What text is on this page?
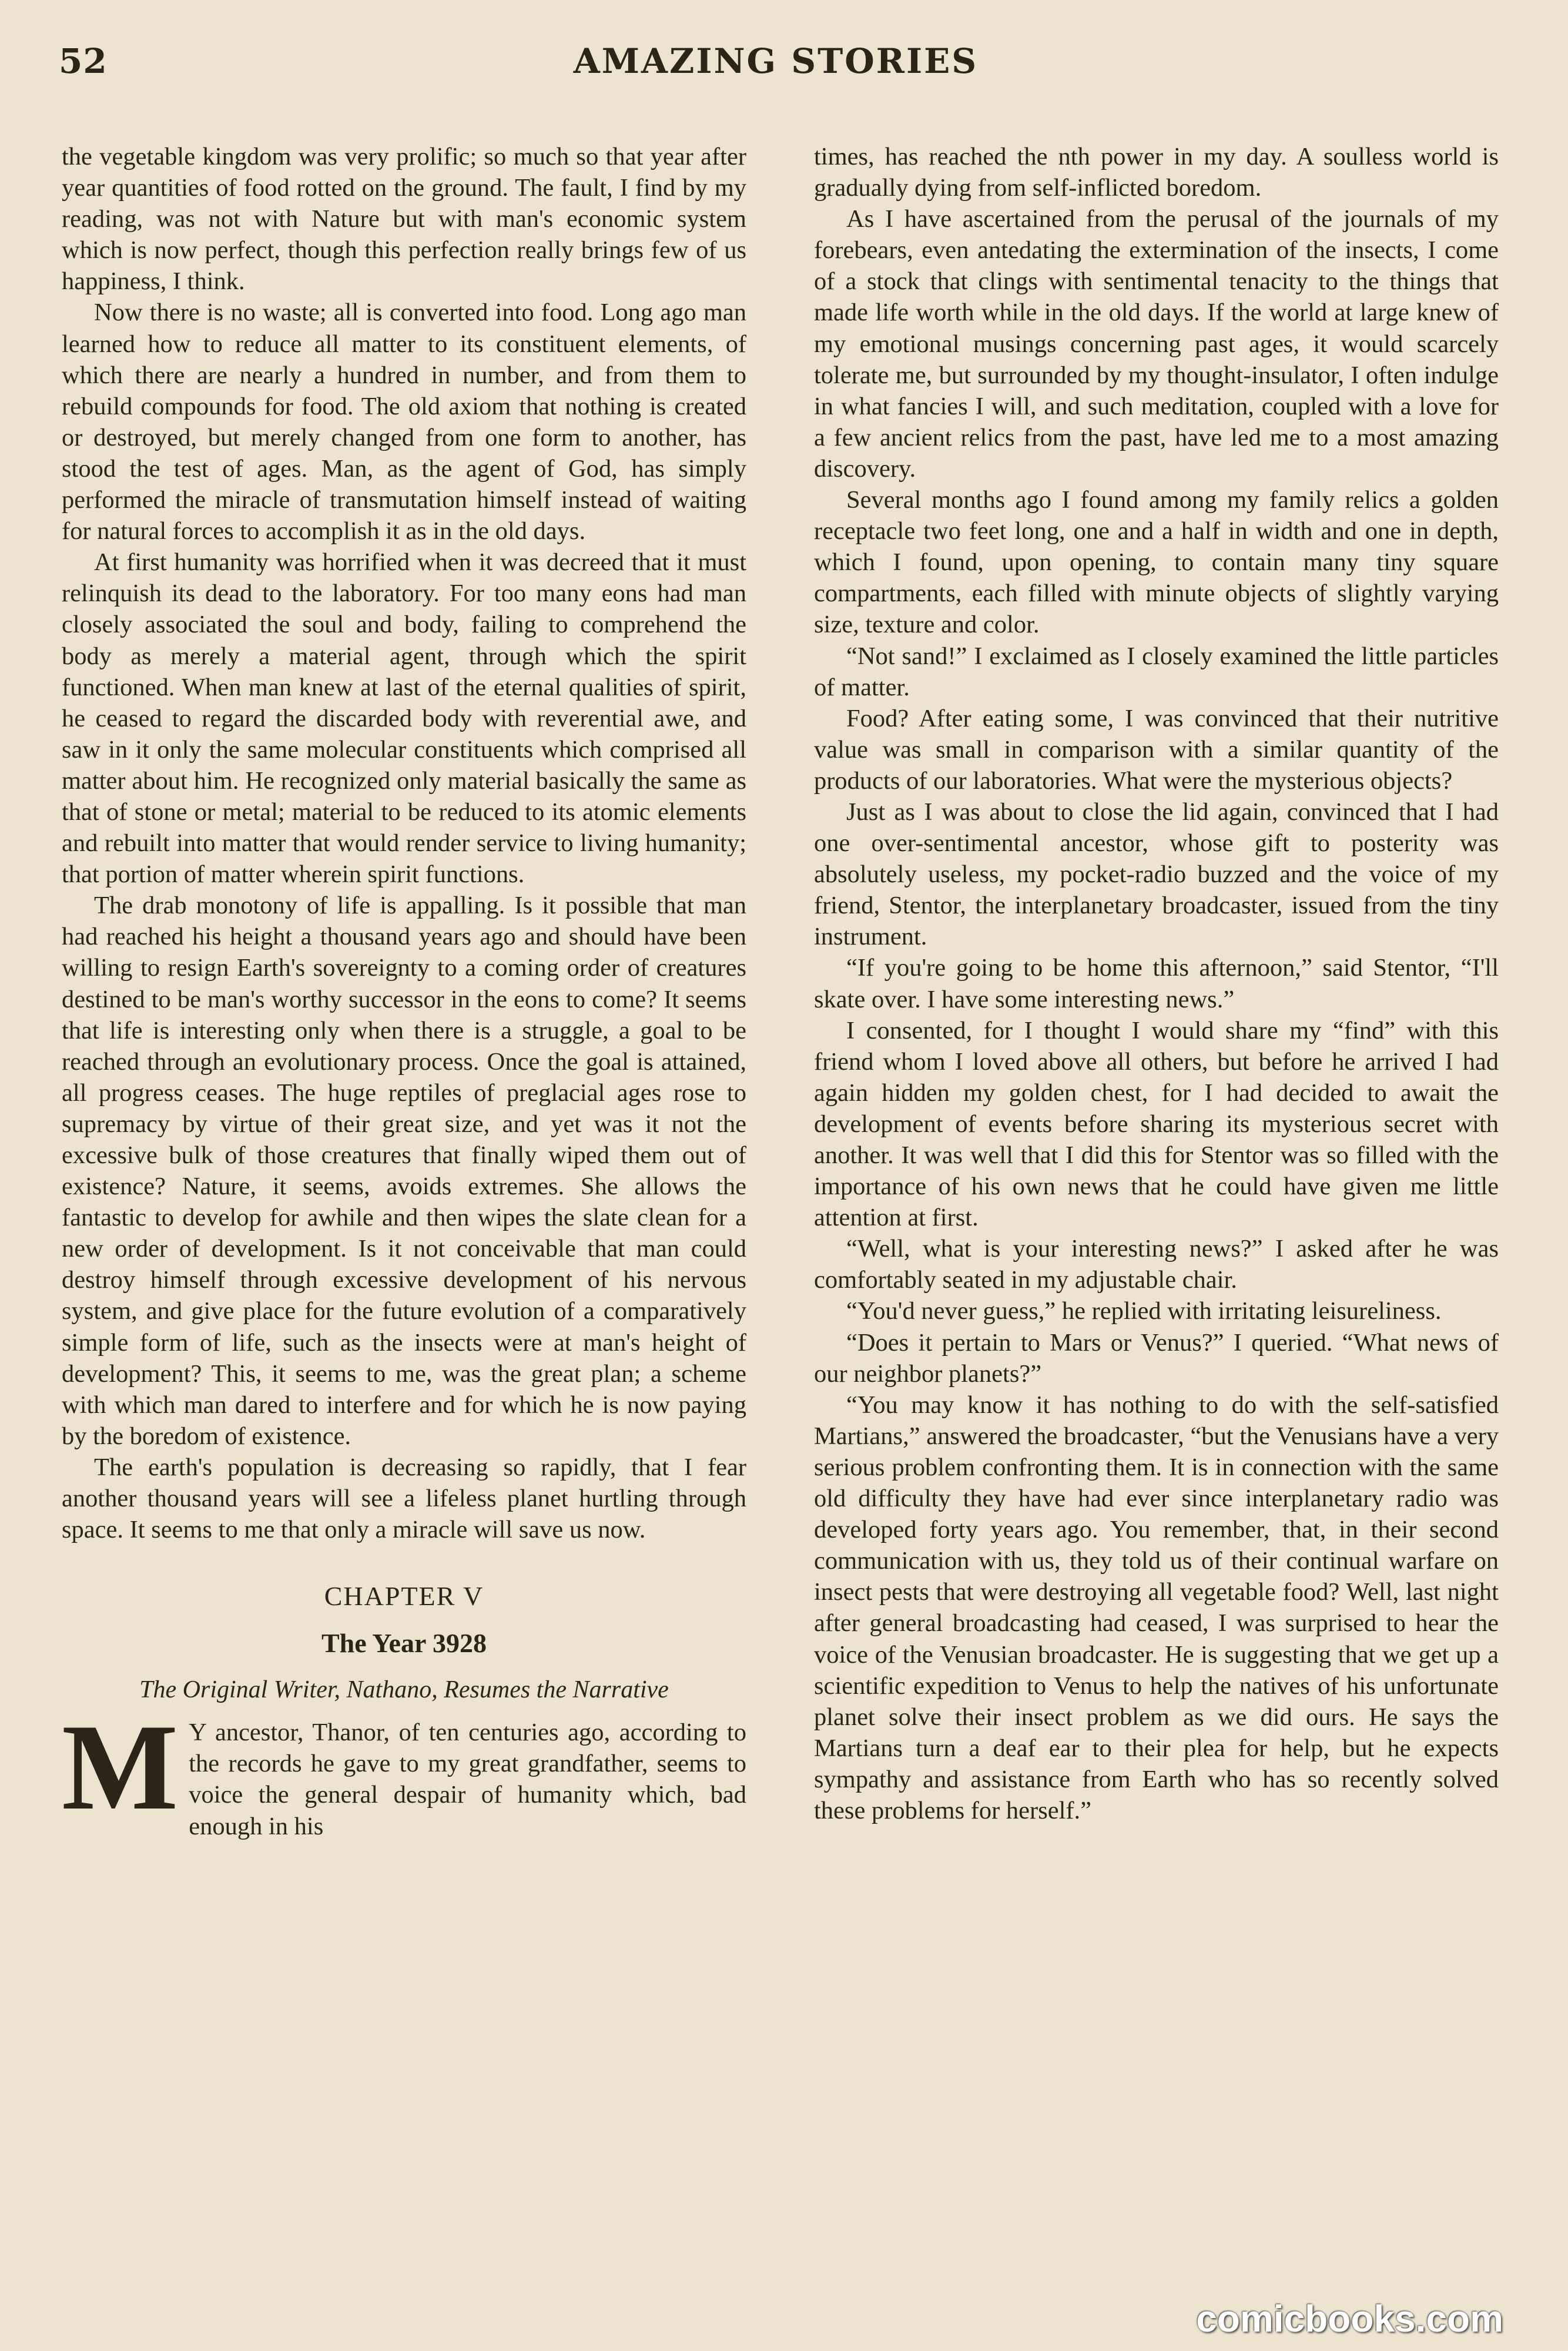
52	AMAZING STORIES

the vegetable kingdom was very prolific; so much so that year after year quantities of food rotted on the ground. The fault, I find by my reading, was not with Nature but with man's economic system which is now perfect, though this perfection really brings few of us happiness, I think.

Now there is no waste; all is converted into food. Long ago man learned how to reduce all matter to its constituent elements, of which there are nearly a hundred in number, and from them to rebuild compounds for food. The old axiom that nothing is created or destroyed, but merely changed from one form to another, has stood the test of ages. Man, as the agent of God, has simply performed the miracle of transmutation himself instead of waiting for natural forces to accomplish it as in the old days.

At first humanity was horrified when it was decreed that it must relinquish its dead to the laboratory. For too many eons had man closely associated the soul and body, failing to comprehend the body as merely a material agent, through which the spirit functioned. When man knew at last of the eternal qualities of spirit, he ceased to regard the discarded body with reverential awe, and saw in it only the same molecular constituents which comprised all matter about him. He recognized only material basically the same as that of stone or metal; material to be reduced to its atomic elements and rebuilt into matter that would render service to living humanity; that portion of matter wherein spirit functions.

The drab monotony of life is appalling. Is it possible that man had reached his height a thousand years ago and should have been willing to resign Earth's sovereignty to a coming order of creatures destined to be man's worthy successor in the eons to come? It seems that life is interesting only when there is a struggle, a goal to be reached through an evolutionary process. Once the goal is attained, all progress ceases. The huge reptiles of preglacial ages rose to supremacy by virtue of their great size, and yet was it not the excessive bulk of those creatures that finally wiped them out of existence? Nature, it seems, avoids extremes. She allows the fantastic to develop for awhile and then wipes the slate clean for a new order of development. Is it not conceivable that man could destroy himself through excessive development of his nervous system, and give place for the future evolution of a comparatively simple form of life, such as the insects were at man's height of development? This, it seems to me, was the great plan; a scheme with which man dared to interfere and for which he is now paying by the boredom of existence.

The earth's population is decreasing so rapidly, that I fear another thousand years will see a lifeless planet hurtling through space. It seems to me that only a miracle will save us now.

CHAPTER V
The Year 3928
The Original Writer, Nathano, Resumes the Narrative

M Y ancestor, Thanor, of ten centuries ago, according to the records he gave to my great grandfather, seems to voice the general despair of humanity which, bad enough in his

times, has reached the nth power in my day. A soulless world is gradually dying from self-inflicted boredom.

As I have ascertained from the perusal of the journals of my forebears, even antedating the extermination of the insects, I come of a stock that clings with sentimental tenacity to the things that made life worth while in the old days. If the world at large knew of my emotional musings concerning past ages, it would scarcely tolerate me, but surrounded by my thought-insulator, I often indulge in what fancies I will, and such meditation, coupled with a love for a few ancient relics from the past, have led me to a most amazing discovery.

Several months ago I found among my family relics a golden receptacle two feet long, one and a half in width and one in depth, which I found, upon opening, to contain many tiny square compartments, each filled with minute objects of slightly varying size, texture and color.

“Not sand!” I exclaimed as I closely examined the little particles of matter.

Food? After eating some, I was convinced that their nutritive value was small in comparison with a similar quantity of the products of our laboratories. What were the mysterious objects?

Just as I was about to close the lid again, convinced that I had one over-sentimental ancestor, whose gift to posterity was absolutely useless, my pocket-radio buzzed and the voice of my friend, Stentor, the interplanetary broadcaster, issued from the tiny instrument.

“If you're going to be home this afternoon,” said Stentor, “I'll skate over. I have some interesting news.”

I consented, for I thought I would share my “find” with this friend whom I loved above all others, but before he arrived I had again hidden my golden chest, for I had decided to await the development of events before sharing its mysterious secret with another. It was well that I did this for Stentor was so filled with the importance of his own news that he could have given me little attention at first.

“Well, what is your interesting news?” I asked after he was comfortably seated in my adjustable chair.

“You'd never guess,” he replied with irritating leisureliness.

“Does it pertain to Mars or Venus?” I queried. “What news of our neighbor planets?”

“You may know it has nothing to do with the self-satisfied Martians,” answered the broadcaster, “but the Venusians have a very serious problem confronting them. It is in connection with the same old difficulty they have had ever since interplanetary radio was developed forty years ago. You remember, that, in their second communication with us, they told us of their continual warfare on insect pests that were destroying all vegetable food? Well, last night after general broadcasting had ceased, I was surprised to hear the voice of the Venusian broadcaster. He is suggesting that we get up a scientific expedition to Venus to help the natives of his unfortunate planet solve their insect problem as we did ours. He says the Martians turn a deaf ear to their plea for help, but he expects sympathy and assistance from Earth who has so recently solved these problems for herself.”

comicbooks.com
